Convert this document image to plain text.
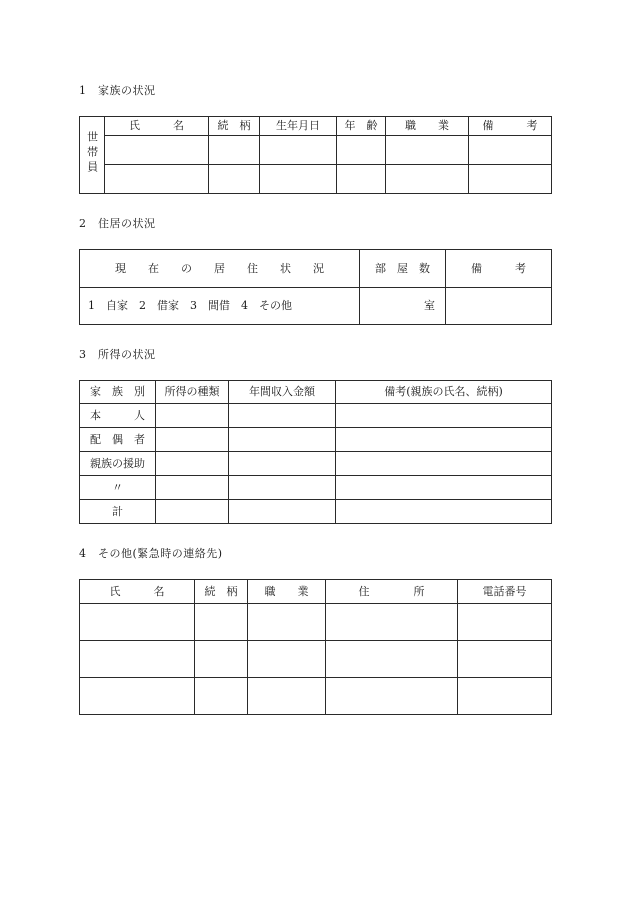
1　家族の状況
世帯員	氏　　　名	続　柄	生年月日	年　齢	職　　業	備　　　考

2　住居の状況
現　　在　　の　　居　　住　　状　　況	部　屋　数	備　　　考
1　自家　2　借家　3　間借　4　その他	室	
3　所得の状況
家　族　別	所得の種類	年間収入金額	備考(親族の氏名、続柄)
本　　　人			
配　偶　者			
親族の援助			
〃			
計			
4　その他(緊急時の連絡先)
氏　　　名	続　柄	職　　業	住　　　　所	電話番号
